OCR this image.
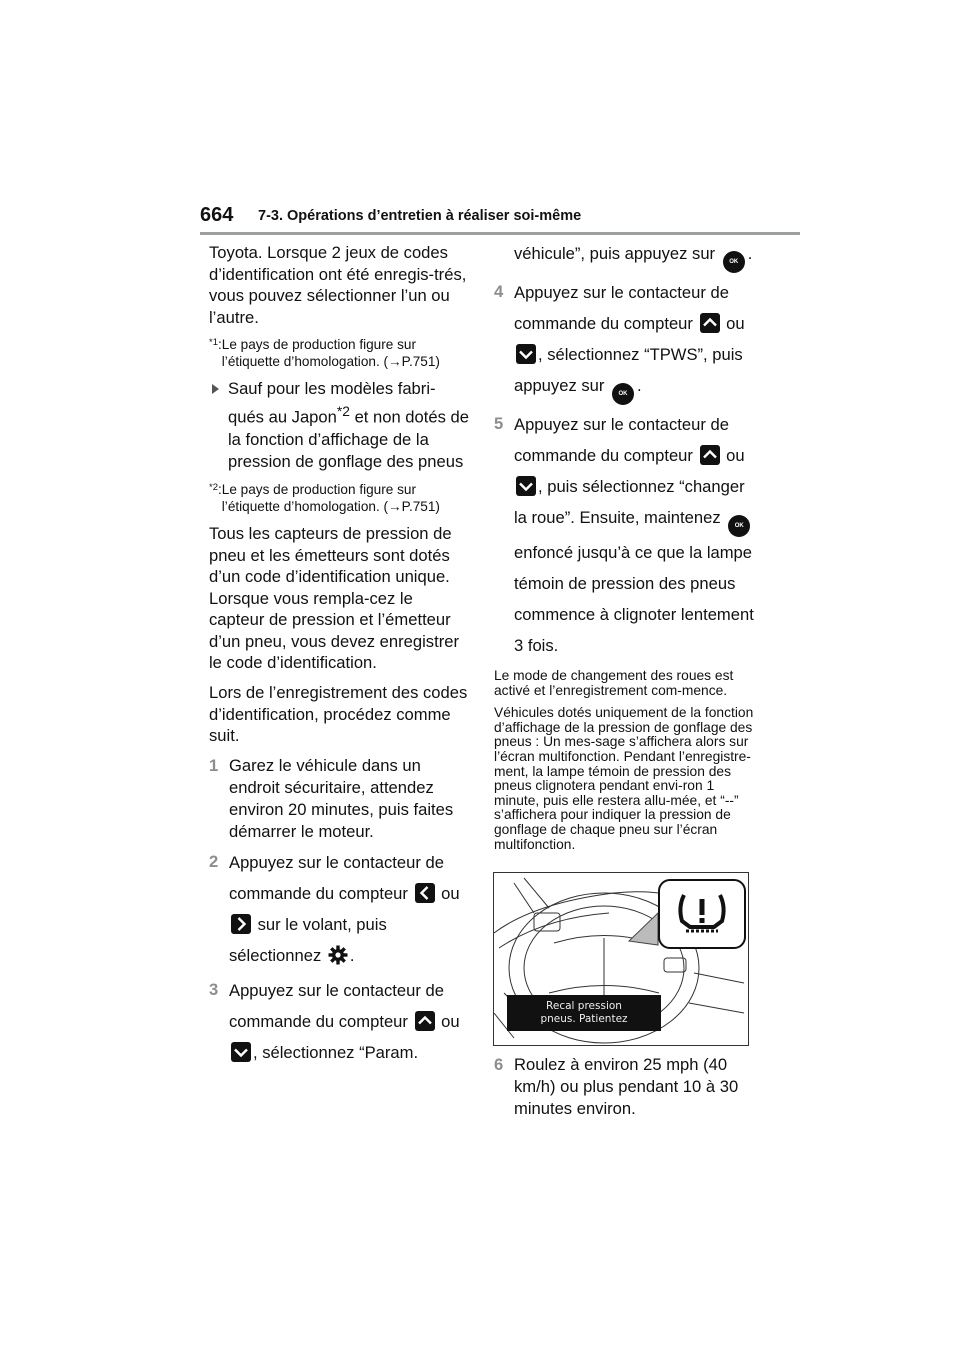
664 7-3. Opérations d’entretien à réaliser soi-même

Toyota. Lorsque 2 jeux de codes d’identification ont été enregis-trés, vous pouvez sélectionner l’un ou l’autre.

$^{*1}$: Le pays de production figure sur l’étiquette d’homologation. (→P.751)
Sauf pour les modèles fabri-qués au Japon$^{*2}$ et non dotés de la fonction d’affichage de la pression de gonflage des pneus
$^{*2}$: Le pays de production figure sur l’étiquette d’homologation. (→P.751)

Tous les capteurs de pression de pneu et les émetteurs sont dotés d’un code d’identification unique. Lorsque vous rempla-cez le capteur de pression et l’émetteur d’un pneu, vous devez enregistrer le code d’identification.

Lors de l’enregistrement des codes d’identification, procédez comme suit.

1 Garez le véhicule dans un endroit sécuritaire, attendez environ 20 minutes, puis faites démarrer le moteur.
2 Appuyez sur le contacteur de commande du compteur
ou
sur le volant, puis sélectionnez .
3 Appuyez sur le contacteur de commande du compteur
ou
, sélectionnez “Param.
véhicule”, puis appuyez sur OK .
4 Appuyez sur le contacteur de commande du compteur
ou
, sélectionnez “TPWS”, puis appuyez sur OK .
5 Appuyez sur le contacteur de commande du compteur
ou
, puis sélectionnez “changer la roue”. Ensuite, maintenez OK enfoncé jusqu’à ce que la lampe témoin de pression des pneus commence à clignoter lentement 3 fois.

Le mode de changement des roues est activé et l’enregistrement com-mence.

Véhicules dotés uniquement de la fonction d’affichage de la pression de gonflage des pneus : Un mes-sage s’affichera alors sur l’écran multifonction. Pendant l’enregistre-ment, la lampe témoin de pression des pneus clignotera pendant envi-ron 1 minute, puis elle restera allu-mée, et “--” s’affichera pour indiquer la pression de gonflage de chaque pneu sur l’écran multifonction.

Recal pression
pneus. Patientez
6 Roulez à environ 25 mph (40 km/h) ou plus pendant 10 à 30 minutes environ.
